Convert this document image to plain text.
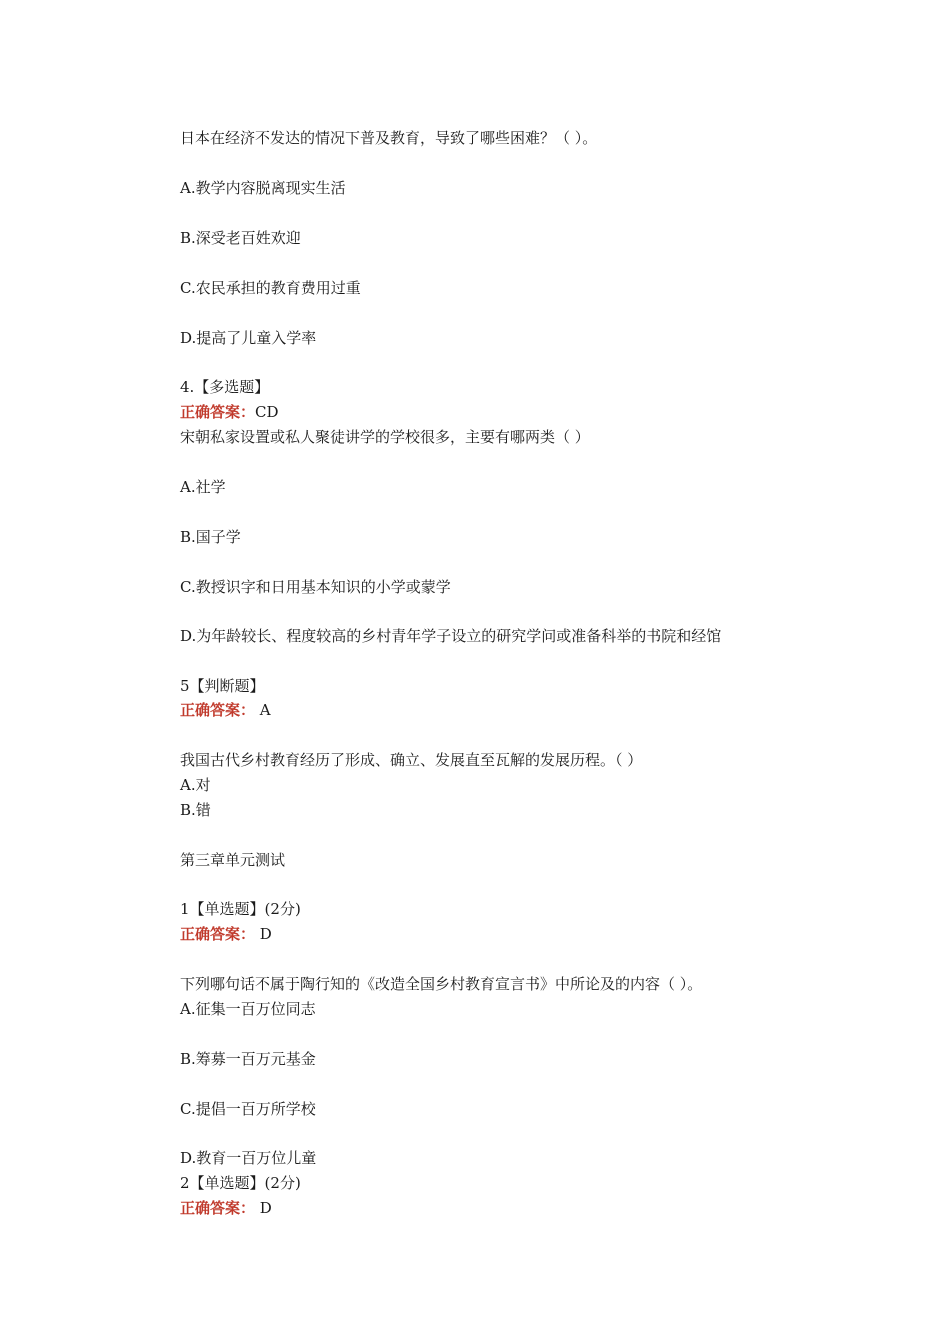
日本在经济不发达的情况下普及教育，导致了哪些困难？（ ）。
A.教学内容脱离现实生活
B.深受老百姓欢迎
C.农民承担的教育费用过重
D.提高了儿童入学率
4.【多选题】
正确答案：CD
宋朝私家设置或私人聚徒讲学的学校很多，主要有哪两类（ ）
A.社学
B.国子学
C.教授识字和日用基本知识的小学或蒙学
D.为年龄较长、程度较高的乡村青年学子设立的研究学问或准备科举的书院和经馆
5【判断题】
正确答案： A
我国古代乡村教育经历了形成、确立、发展直至瓦解的发展历程。（ ）
A.对
B.错
第三章单元测试
1【单选题】(2分)
正确答案： D
下列哪句话不属于陶行知的《改造全国乡村教育宣言书》中所论及的内容（ ）。
A.征集一百万位同志
B.筹募一百万元基金
C.提倡一百万所学校
D.教育一百万位儿童
2【单选题】(2分)
正确答案： D
